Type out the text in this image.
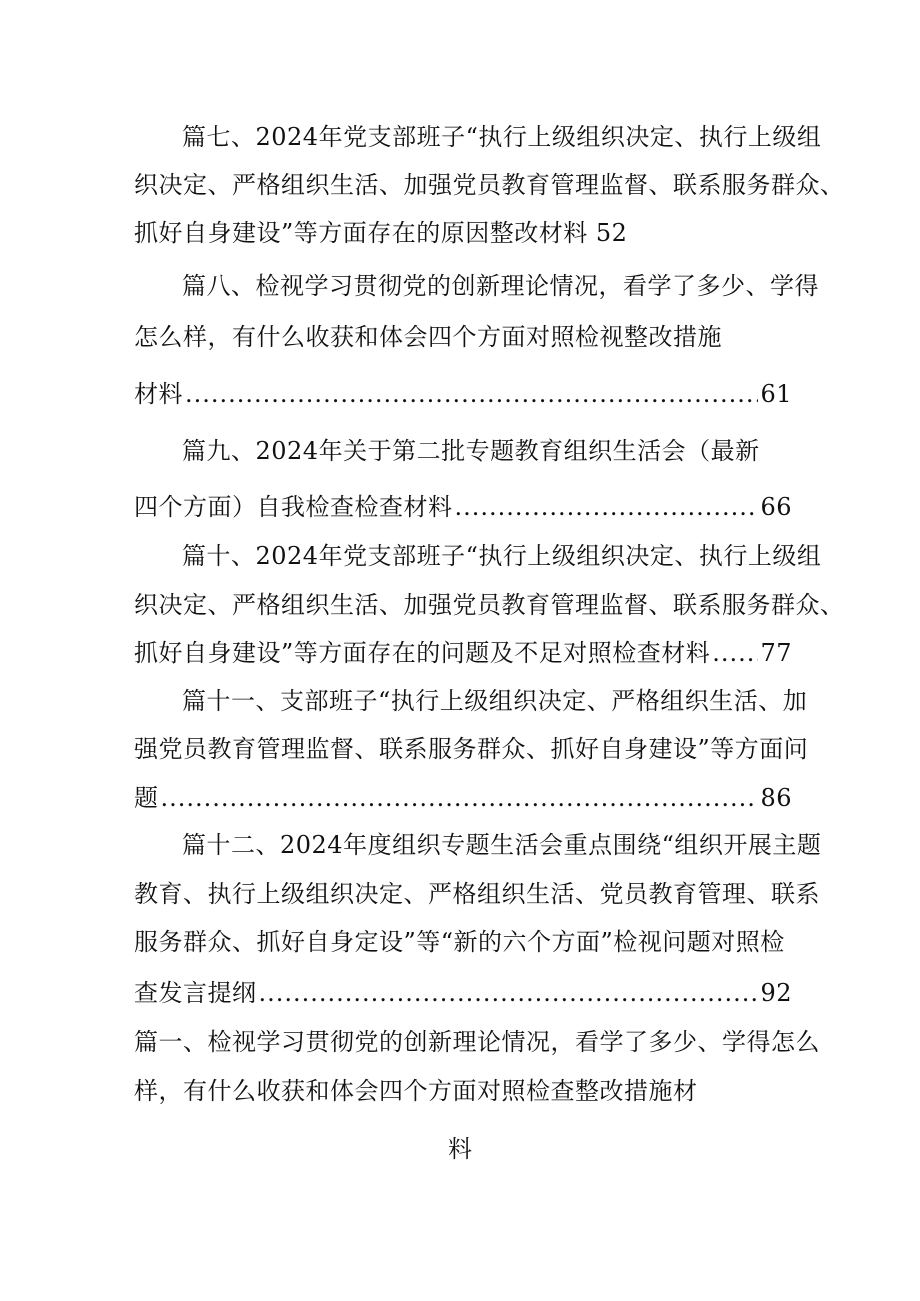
篇七、2024年党支部班子“执行上级组织决定、执行上级组
织决定、严格组织生活、加强党员教育管理监督、联系服务群众、
抓好自身建设”等方面存在的原因整改材料 52
篇八、检视学习贯彻党的创新理论情况，看学了多少、学得
怎么样，有什么收获和体会四个方面对照检视整改措施
材料 .....	61
篇九、2024年关于第二批专题教育组织生活会（最新
四个方面）自我检查检查材料 .....	66
篇十、2024年党支部班子“执行上级组织决定、执行上级组
织决定、严格组织生活、加强党员教育管理监督、联系服务群众、
抓好自身建设”等方面存在的问题及不足对照检查材料 ..... 77
篇十一、支部班子“执行上级组织决定、严格组织生活、加
强党员教育管理监督、联系服务群众、抓好自身建设”等方面问
题 .....	86
篇十二、2024年度组织专题生活会重点围绕“组织开展主题
教育、执行上级组织决定、严格组织生活、党员教育管理、联系
服务群众、抓好自身定设”等“新的六个方面”检视问题对照检
查发言提纲 .....	92
篇一、检视学习贯彻党的创新理论情况，看学了多少、学得怎么
样，有什么收获和体会四个方面对照检查整改措施材
料
